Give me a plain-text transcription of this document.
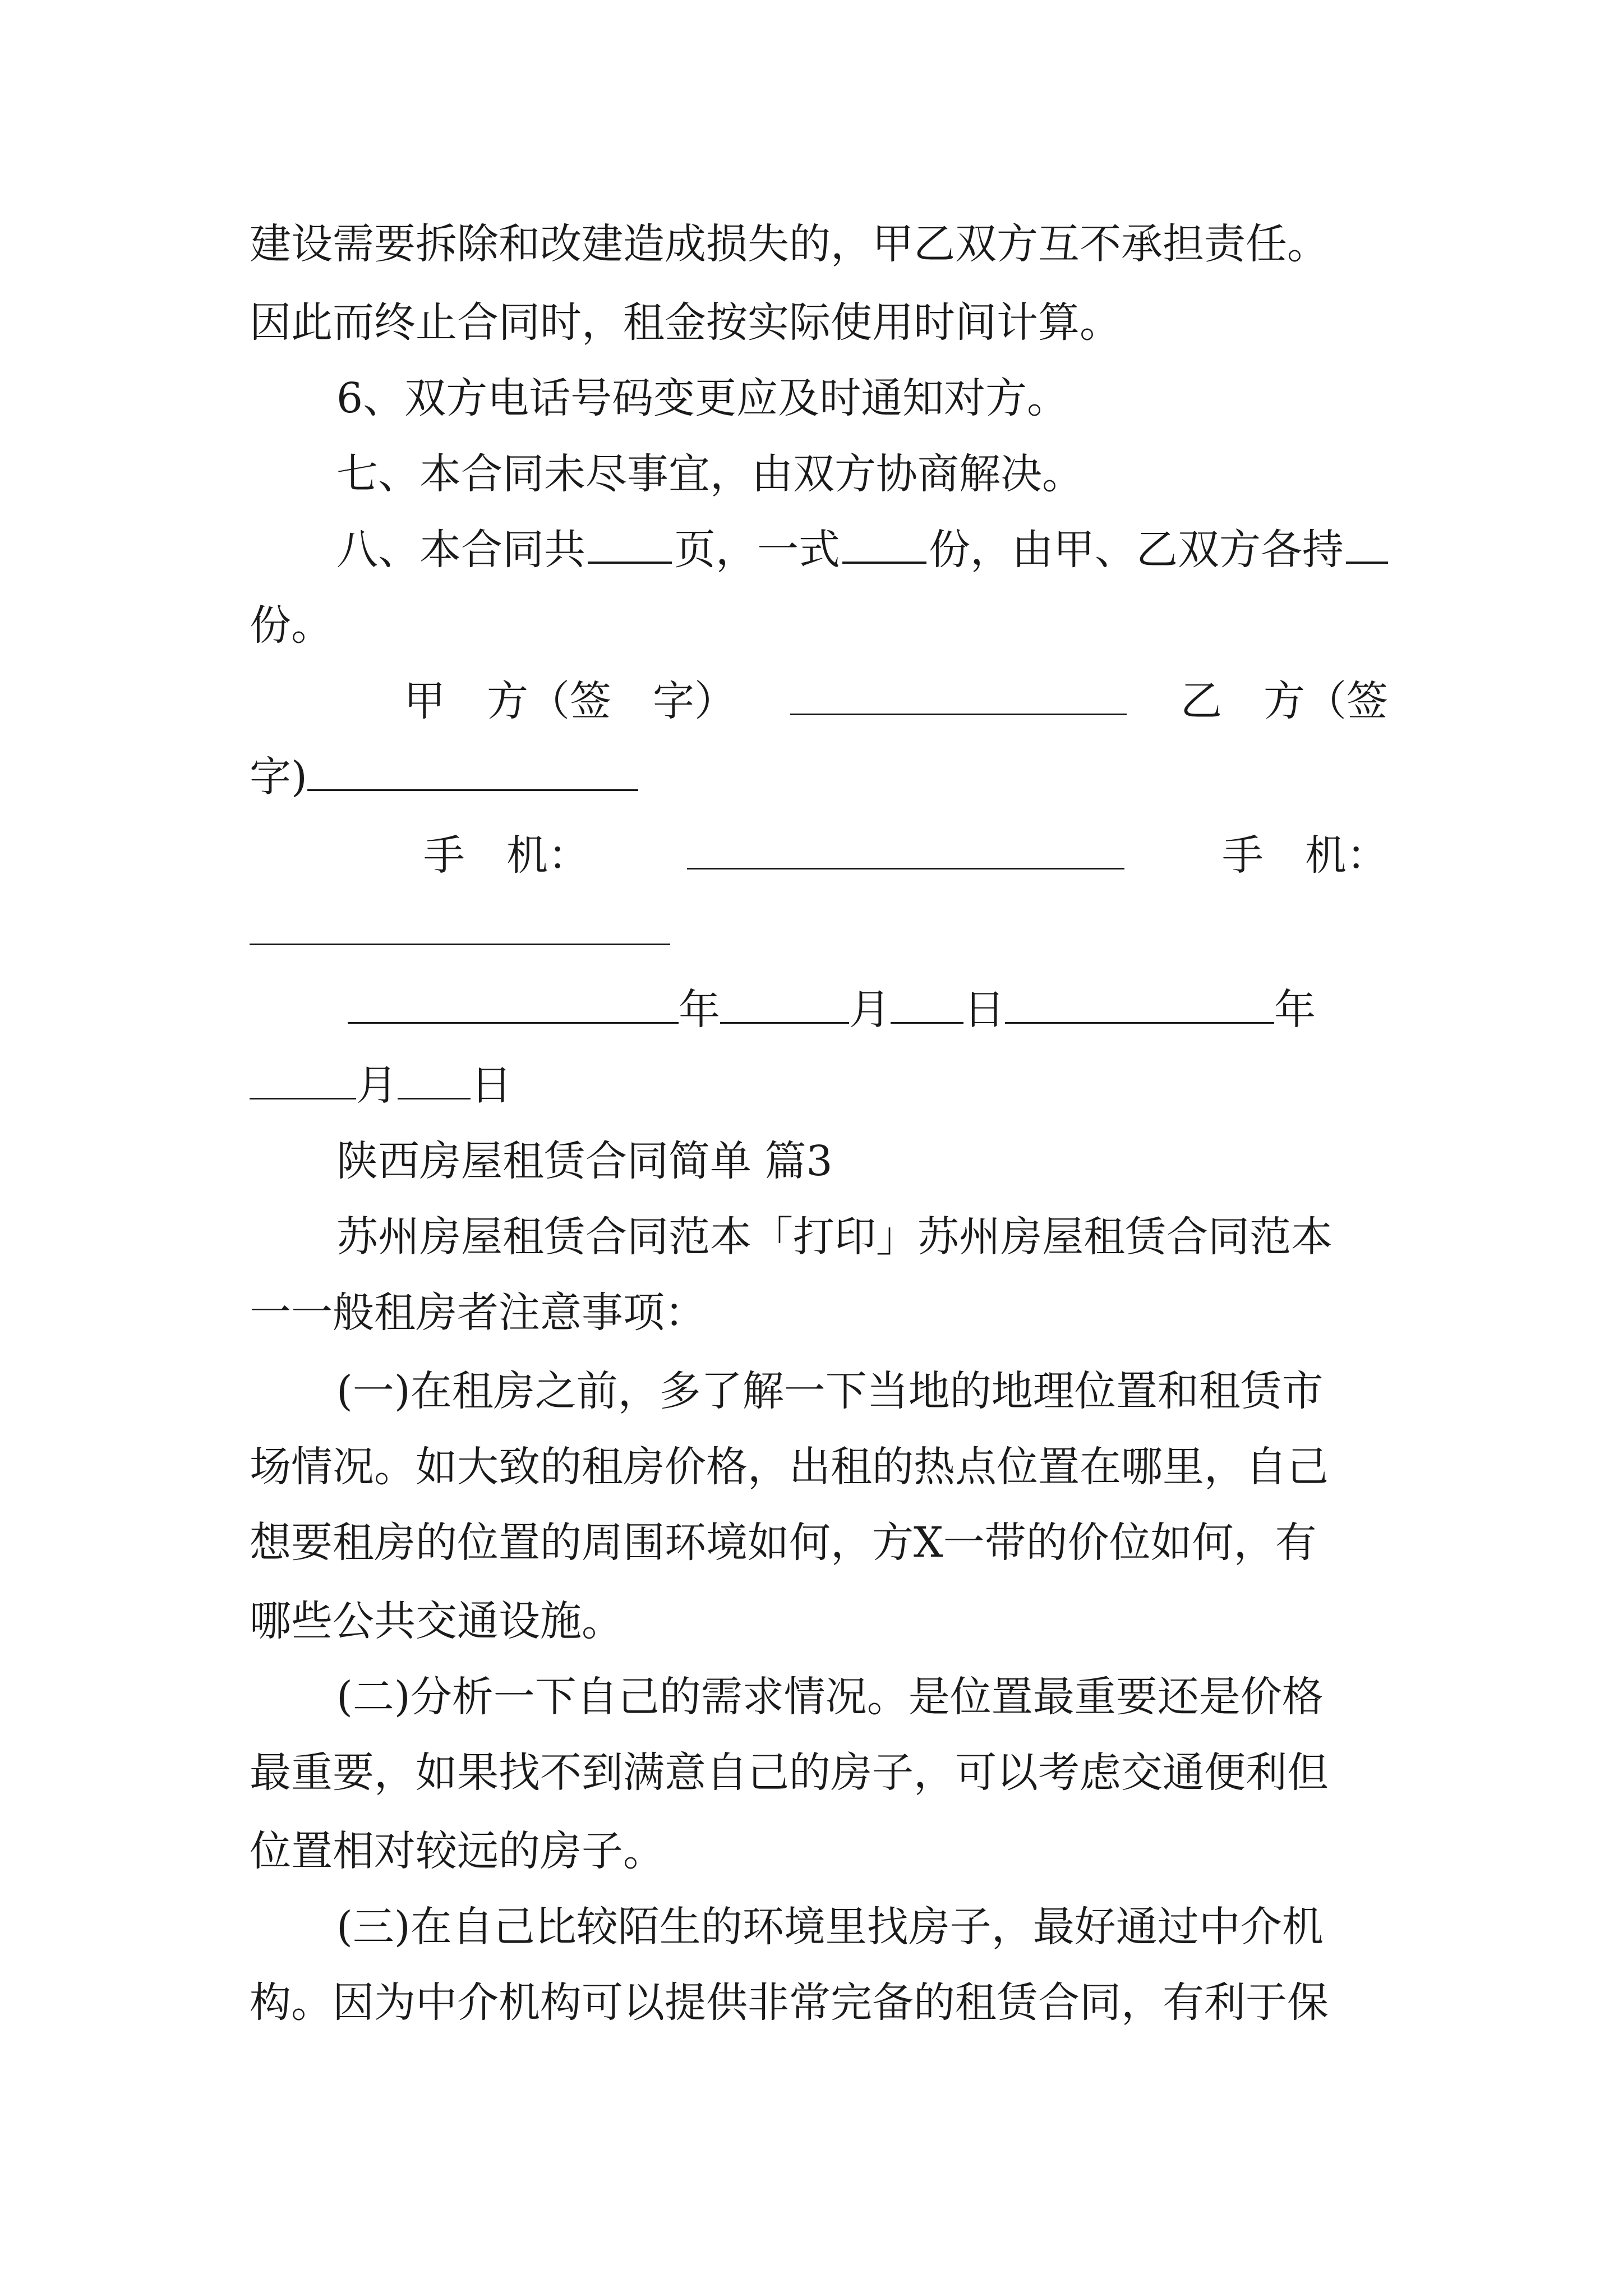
建设需要拆除和改建造成损失的，甲乙双方互不承担责任。
因此而终止合同时，租金按实际使用时间计算。
6、双方电话号码变更应及时通知对方。
七、本合同未尽事宜，由双方协商解决。
八、本合同共 页，一式 份，由甲、乙双方各持
份。
甲　方（签　字）	乙　方（签
字)
手　机：	手　机：
年	月 日	年
月 日
陕西房屋租赁合同简单 篇3
苏州房屋租赁合同范本「打印」苏州房屋租赁合同范本
一一般租房者注意事项：
(一)在租房之前，多了解一下当地的地理位置和租赁市
场情况。如大致的租房价格，出租的热点位置在哪里，自己
想要租房的位置的周围环境如何，方X一带的价位如何，有
哪些公共交通设施。
(二)分析一下自己的需求情况。是位置最重要还是价格
最重要，如果找不到满意自己的房子，可以考虑交通便利但
位置相对较远的房子。
(三)在自己比较陌生的环境里找房子，最好通过中介机
构。因为中介机构可以提供非常完备的租赁合同，有利于保
